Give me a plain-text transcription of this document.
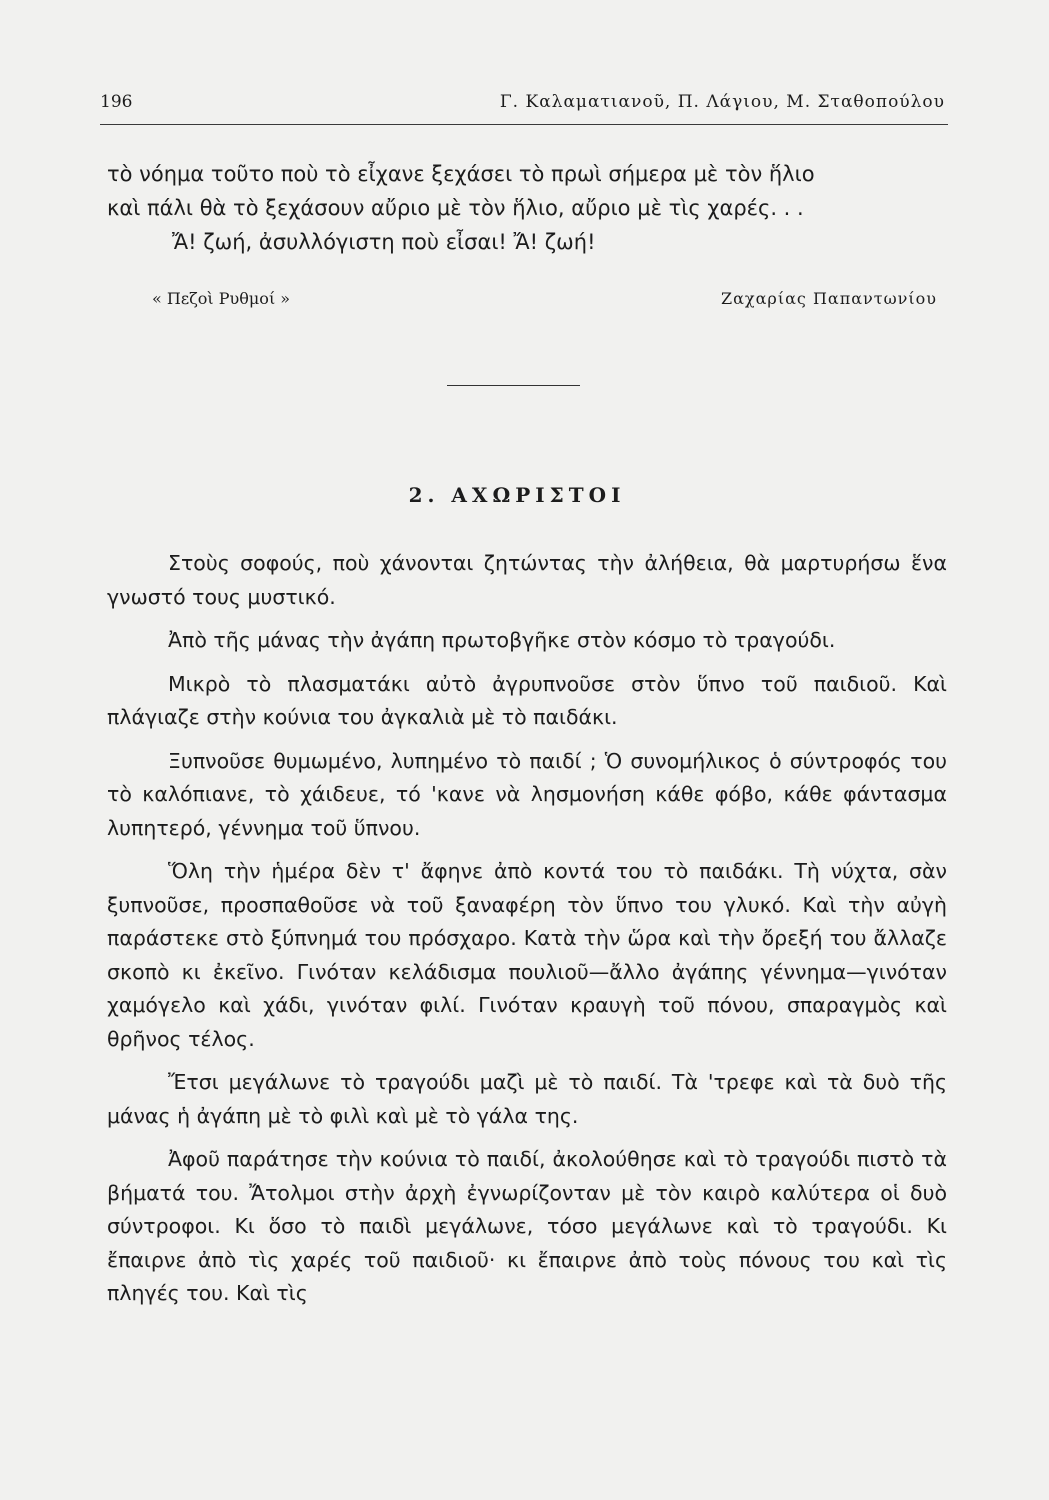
196	Γ. Καλαματιανοῦ, Π. Λάγιου, Μ. Σταθοπούλου
τὸ νόημα τοῦτο ποὺ τὸ εἶχανε ξεχάσει τὸ πρωὶ σήμερα μὲ τὸν ἥλιο
καὶ πάλι θὰ τὸ ξεχάσουν αὔριο μὲ τὸν ἥλιο, αὔριο μὲ τὶς χαρές. . .
Ἄ! ζωή, ἀσυλλόγιστη ποὺ εἶσαι! Ἄ! ζωή!
« Πεζοὶ Ρυθμοί »	Ζαχαρίας Παπαντωνίου
2. ΑΧΩΡΙΣΤΟΙ

Στοὺς σοφούς, ποὺ χάνονται ζητώντας τὴν ἀλήθεια, θὰ μαρτυρήσω ἕνα γνωστό τους μυστικό.

Ἀπὸ τῆς μάνας τὴν ἀγάπη πρωτοβγῆκε στὸν κόσμο τὸ τραγούδι.

Μικρὸ τὸ πλασματάκι αὐτὸ ἀγρυπνοῦσε στὸν ὕπνο τοῦ παιδιοῦ. Καὶ πλάγιαζε στὴν κούνια του ἀγκαλιὰ μὲ τὸ παιδάκι.

Ξυπνοῦσε θυμωμένο, λυπημένο τὸ παιδί ; Ὁ συνομήλικος ὁ σύντροφός του τὸ καλόπιανε, τὸ χάιδευε, τό 'κανε νὰ λησμονήση κάθε φόβο, κάθε φάντασμα λυπητερό, γέννημα τοῦ ὕπνου.

Ὅλη τὴν ἡμέρα δὲν τ' ἄφηνε ἀπὸ κοντά του τὸ παιδάκι. Τὴ νύχτα, σὰν ξυπνοῦσε, προσπαθοῦσε νὰ τοῦ ξαναφέρη τὸν ὕπνο του γλυκό. Καὶ τὴν αὐγὴ παράστεκε στὸ ξύπνημά του πρόσχαρο. Κατὰ τὴν ὥρα καὶ τὴν ὄρεξή του ἄλλαζε σκοπὸ κι ἐκεῖνο. Γινόταν κελάδισμα πουλιοῦ—ἄλλο ἀγάπης γέννημα—γινόταν χαμόγελο καὶ χάδι, γινόταν φιλί. Γινόταν κραυγὴ τοῦ πόνου, σπαραγμὸς καὶ θρῆνος τέλος.

Ἔτσι μεγάλωνε τὸ τραγούδι μαζὶ μὲ τὸ παιδί. Τὰ 'τρεφε καὶ τὰ δυὸ τῆς μάνας ἡ ἀγάπη μὲ τὸ φιλὶ καὶ μὲ τὸ γάλα της.

Ἀφοῦ παράτησε τὴν κούνια τὸ παιδί, ἀκολούθησε καὶ τὸ τραγούδι πιστὸ τὰ βήματά του. Ἄτολμοι στὴν ἀρχὴ ἐγνωρίζονταν μὲ τὸν καιρὸ καλύτερα οἱ δυὸ σύντροφοι. Κι ὅσο τὸ παιδὶ μεγάλωνε, τόσο μεγάλωνε καὶ τὸ τραγούδι. Κι ἔπαιρνε ἀπὸ τὶς χαρές τοῦ παιδιοῦ· κι ἔπαιρνε ἀπὸ τοὺς πόνους του καὶ τὶς πληγές του. Καὶ τὶς
